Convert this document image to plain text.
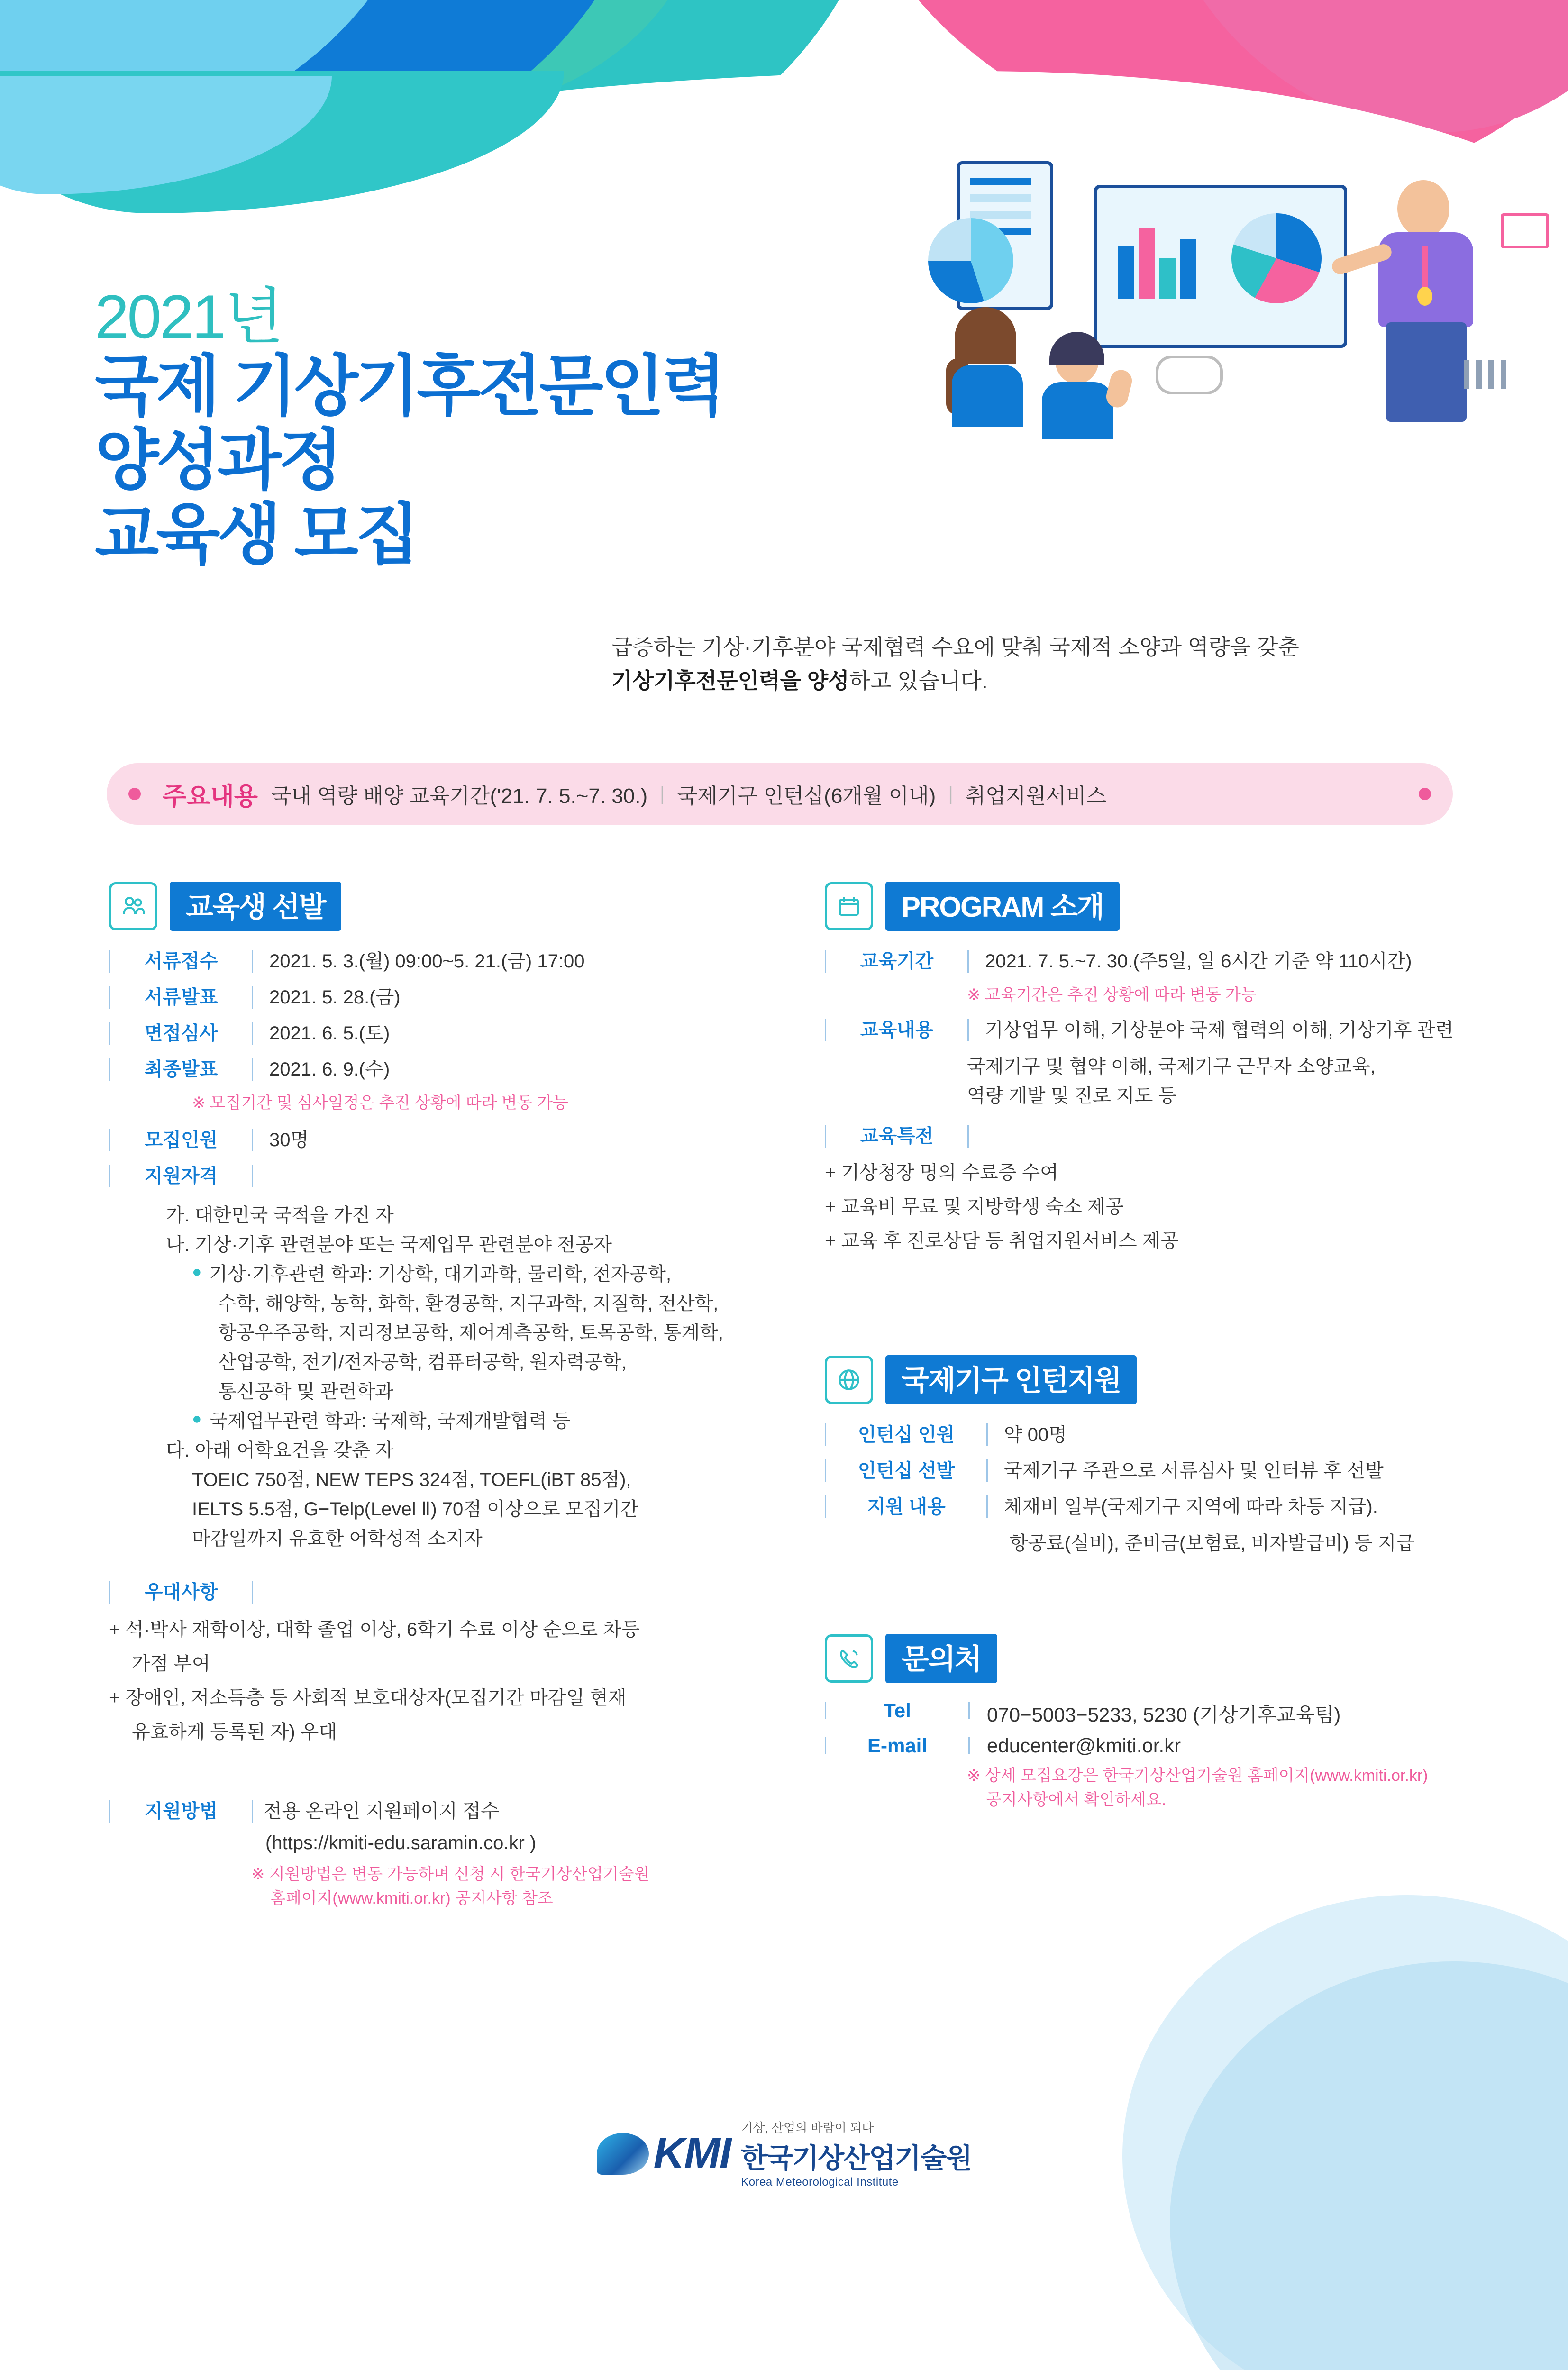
2021년
국제 기상기후전문인력
양성과정
교육생 모집
급증하는 기상·기후분야 국제협력 수요에 맞춰 국제적 소양과 역량을 갖춘
기상기후전문인력을 양성하고 있습니다.
주요내용 국내 역량 배양 교육기간('21. 7. 5.~7. 30.) | 국제기구 인턴십(6개월 이내) | 취업지원서비스
교육생 선발
서류접수	2021. 5. 3.(월) 09:00~5. 21.(금) 17:00
서류발표	2021. 5. 28.(금)
면접심사	2021. 6. 5.(토)
최종발표	2021. 6. 9.(수)
※ 모집기간 및 심사일정은 추진 상황에 따라 변동 가능
모집인원	30명
지원자격
가. 대한민국 국적을 가진 자
나. 기상·기후 관련분야 또는 국제업무 관련분야 전공자
● 기상·기후관련 학과: 기상학, 대기과학, 물리학, 전자공학,
수학, 해양학, 농학, 화학, 환경공학, 지구과학, 지질학, 전산학,
항공우주공학, 지리정보공학, 제어계측공학, 토목공학, 통계학,
산업공학, 전기/전자공학, 컴퓨터공학, 원자력공학,
통신공학 및 관련학과
● 국제업무관련 학과: 국제학, 국제개발협력 등
다. 아래 어학요건을 갖춘 자
TOEIC 750점, NEW TEPS 324점, TOEFL(iBT 85점),
IELTS 5.5점, G−Telp(Level Ⅱ) 70점 이상으로 모집기간
마감일까지 유효한 어학성적 소지자
우대사항
+ 석·박사 재학이상, 대학 졸업 이상, 6학기 수료 이상 순으로 차등
가점 부여
+ 장애인, 저소득층 등 사회적 보호대상자(모집기간 마감일 현재
유효하게 등록된 자) 우대
지원방법	전용 온라인 지원페이지 접수
(https://kmiti-edu.saramin.co.kr )
※ 지원방법은 변동 가능하며 신청 시 한국기상산업기술원
홈페이지(www.kmiti.or.kr) 공지사항 참조
PROGRAM 소개
교육기간	2021. 7. 5.~7. 30.(주5일, 일 6시간 기준 약 110시간)
※ 교육기간은 추진 상황에 따라 변동 가능
교육내용	기상업무 이해, 기상분야 국제 협력의 이해, 기상기후 관련
국제기구 및 협약 이해, 국제기구 근무자 소양교육,
역량 개발 및 진로 지도 등
교육특전
+ 기상청장 명의 수료증 수여
+ 교육비 무료 및 지방학생 숙소 제공
+ 교육 후 진로상담 등 취업지원서비스 제공
국제기구 인턴지원
인턴십 인원	약 00명
인턴십 선발	국제기구 주관으로 서류심사 및 인터뷰 후 선발
지원 내용	체재비 일부(국제기구 지역에 따라 차등 지급).
항공료(실비), 준비금(보험료, 비자발급비) 등 지급
문의처
Tel	070−5003−5233, 5230 (기상기후교육팀)
E-mail	educenter@kmiti.or.kr
※ 상세 모집요강은 한국기상산업기술원 홈페이지(www.kmiti.or.kr)
공지사항에서 확인하세요.
KMI
기상, 산업의 바람이 되다
한국기상산업기술원
Korea Meteorological Institute
